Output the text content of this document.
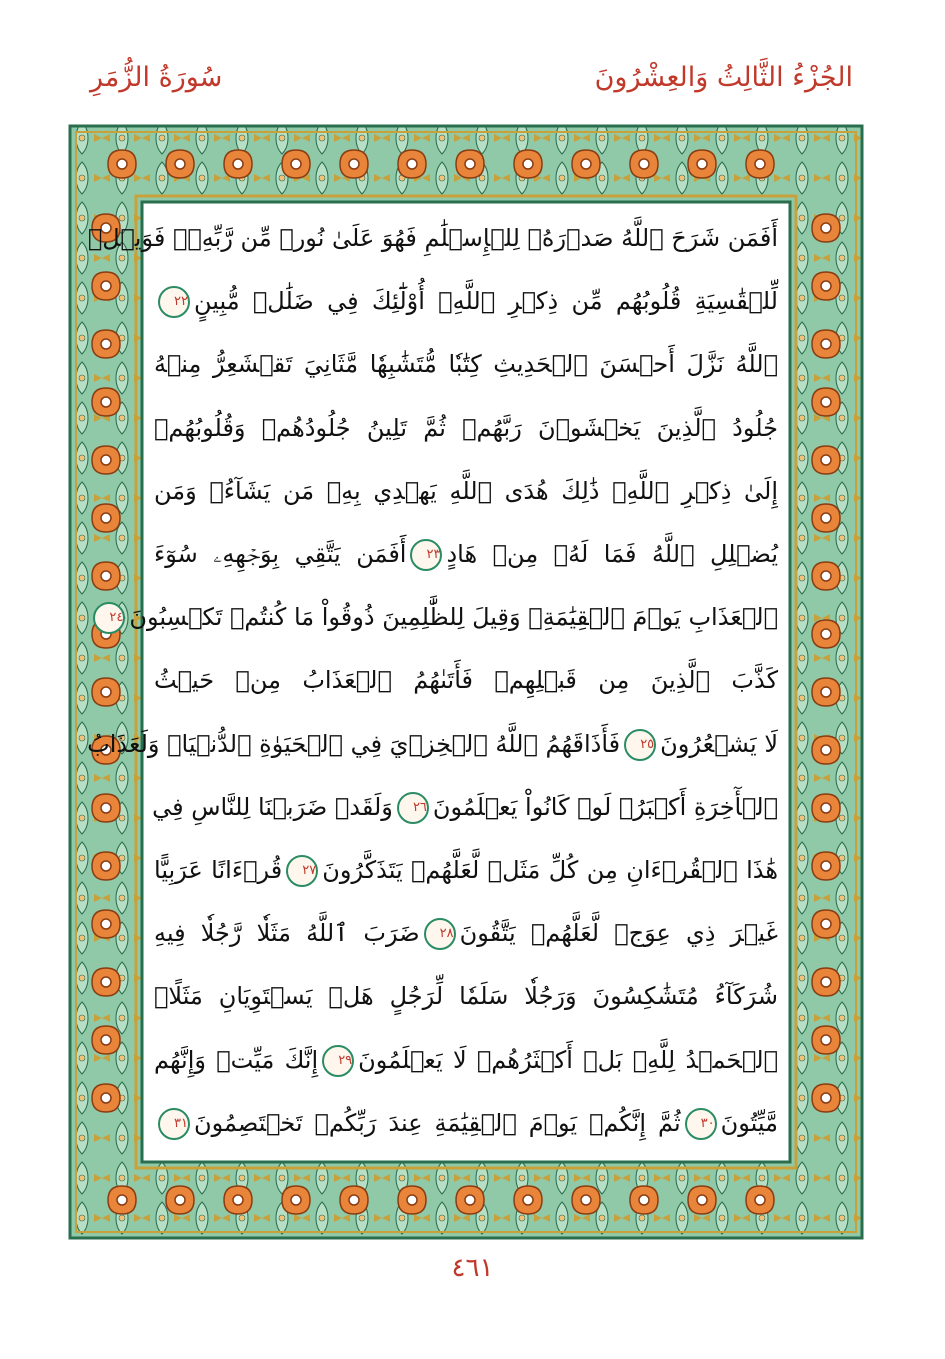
الجُزْءُ الثَّالِثُ وَالعِشْرُونَ
سُورَةُ الزُّمَرِ
أَفَمَن شَرَحَ ٱللَّهُ صَدۡرَهُۥ لِلۡإِسۡلَٰمِ فَهُوَ عَلَىٰ نُورٖ مِّن رَّبِّهِۦۚ فَوَيۡلٞ
لِّلۡقَٰسِيَةِ قُلُوبُهُم مِّن ذِكۡرِ ٱللَّهِۚ أُوْلَٰٓئِكَ فِي ضَلَٰلٖ مُّبِينٍ٢٢
ٱللَّهُ نَزَّلَ أَحۡسَنَ ٱلۡحَدِيثِ كِتَٰبٗا مُّتَشَٰبِهٗا مَّثَانِيَ تَقۡشَعِرُّ مِنۡهُ
جُلُودُ ٱلَّذِينَ يَخۡشَوۡنَ رَبَّهُمۡ ثُمَّ تَلِينُ جُلُودُهُمۡ وَقُلُوبُهُمۡ
إِلَىٰ ذِكۡرِ ٱللَّهِۚ ذَٰلِكَ هُدَى ٱللَّهِ يَهۡدِي بِهِۦ مَن يَشَآءُۚ وَمَن
يُضۡلِلِ ٱللَّهُ فَمَا لَهُۥ مِنۡ هَادٍ٢٣أَفَمَن يَتَّقِي بِوَجۡهِهِۦ سُوٓءَ
ٱلۡعَذَابِ يَوۡمَ ٱلۡقِيَٰمَةِۚ وَقِيلَ لِلظَّٰلِمِينَ ذُوقُواْ مَا كُنتُمۡ تَكۡسِبُونَ٢٤
كَذَّبَ ٱلَّذِينَ مِن قَبۡلِهِمۡ فَأَتَىٰهُمُ ٱلۡعَذَابُ مِنۡ حَيۡثُ
لَا يَشۡعُرُونَ٢٥فَأَذَاقَهُمُ ٱللَّهُ ٱلۡخِزۡيَ فِي ٱلۡحَيَوٰةِ ٱلدُّنۡيَاۖ وَلَعَذَابُ
ٱلۡأٓخِرَةِ أَكۡبَرُۚ لَوۡ كَانُواْ يَعۡلَمُونَ٢٦وَلَقَدۡ ضَرَبۡنَا لِلنَّاسِ فِي
هَٰذَا ٱلۡقُرۡءَانِ مِن كُلِّ مَثَلٖ لَّعَلَّهُمۡ يَتَذَكَّرُونَ٢٧قُرۡءَانًا عَرَبِيًّا
غَيۡرَ ذِي عِوَجٖ لَّعَلَّهُمۡ يَتَّقُونَ٢٨ضَرَبَ ٱللَّهُ مَثَلٗا رَّجُلٗا فِيهِ
شُرَكَآءُ مُتَشَٰكِسُونَ وَرَجُلٗا سَلَمٗا لِّرَجُلٍ هَلۡ يَسۡتَوِيَانِ مَثَلًاۚ
ٱلۡحَمۡدُ لِلَّهِۚ بَلۡ أَكۡثَرُهُمۡ لَا يَعۡلَمُونَ٢٩إِنَّكَ مَيِّتٞ وَإِنَّهُم
مَّيِّتُونَ٣٠ثُمَّ إِنَّكُمۡ يَوۡمَ ٱلۡقِيَٰمَةِ عِندَ رَبِّكُمۡ تَخۡتَصِمُونَ٣١
٤٦١
